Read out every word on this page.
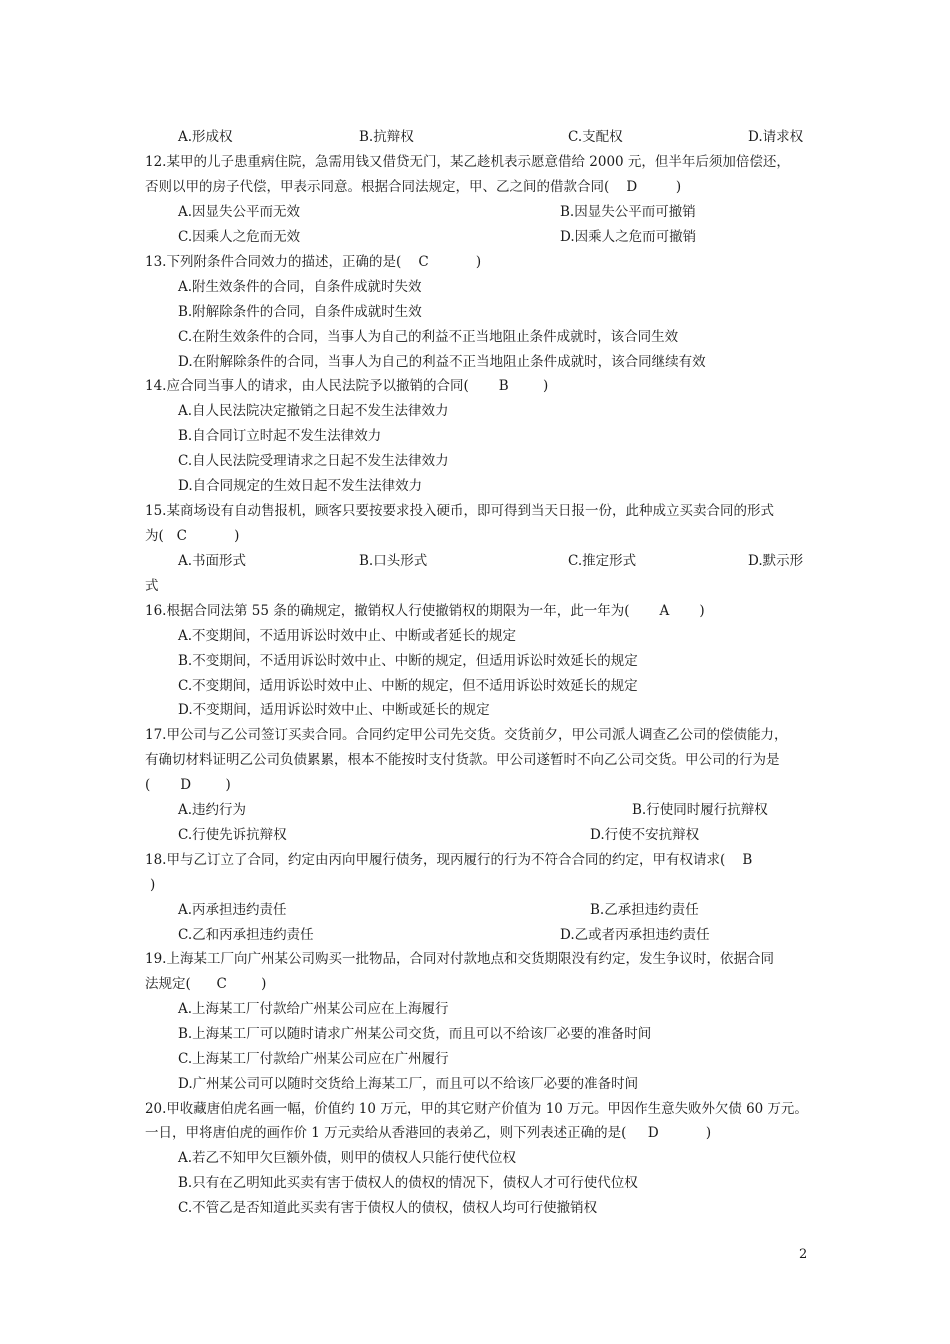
A.形成权	B.抗辩权	C.支配权	D.请求权
12.某甲的儿子患重病住院，急需用钱又借贷无门，某乙趁机表示愿意借给 2000 元，但半年后须加倍偿还，
否则以甲的房子代偿，甲表示同意。根据合同法规定，甲、乙之间的借款合同(    D         )
A.因显失公平而无效	B.因显失公平而可撤销
C.因乘人之危而无效	D.因乘人之危而可撤销
13.下列附条件合同效力的描述，正确的是(    C           )
A.附生效条件的合同，自条件成就时失效
B.附解除条件的合同，自条件成就时生效
C.在附生效条件的合同，当事人为自己的利益不正当地阻止条件成就时，该合同生效
D.在附解除条件的合同，当事人为自己的利益不正当地阻止条件成就时，该合同继续有效
14.应合同当事人的请求，由人民法院予以撤销的合同(       B        )
A.自人民法院决定撤销之日起不发生法律效力
B.自合同订立时起不发生法律效力
C.自人民法院受理请求之日起不发生法律效力
D.自合同规定的生效日起不发生法律效力
15.某商场设有自动售报机，顾客只要按要求投入硬币，即可得到当天日报一份，此种成立买卖合同的形式
为(   C           )
A.书面形式	B.口头形式	C.推定形式	D.默示形
式
16.根据合同法第 55 条的确规定，撤销权人行使撤销权的期限为一年，此一年为(       A       )
A.不变期间，不适用诉讼时效中止、中断或者延长的规定
B.不变期间，不适用诉讼时效中止、中断的规定，但适用诉讼时效延长的规定
C.不变期间，适用诉讼时效中止、中断的规定，但不适用诉讼时效延长的规定
D.不变期间，适用诉讼时效中止、中断或延长的规定
17.甲公司与乙公司签订买卖合同。合同约定甲公司先交货。交货前夕，甲公司派人调查乙公司的偿债能力，
有确切材料证明乙公司负债累累，根本不能按时支付货款。甲公司遂暂时不向乙公司交货。甲公司的行为是
(       D        )
A.违约行为	B.行使同时履行抗辩权
C.行使先诉抗辩权	D.行使不安抗辩权
18.甲与乙订立了合同，约定由丙向甲履行债务，现丙履行的行为不符合合同的约定，甲有权请求(    B
)
A.丙承担违约责任	B.乙承担违约责任
C.乙和丙承担违约责任	D.乙或者丙承担违约责任
19.上海某工厂向广州某公司购买一批物品，合同对付款地点和交货期限没有约定，发生争议时，依据合同
法规定(      C        )
A.上海某工厂付款给广州某公司应在上海履行
B.上海某工厂可以随时请求广州某公司交货，而且可以不给该厂必要的准备时间
C.上海某工厂付款给广州某公司应在广州履行
D.广州某公司可以随时交货给上海某工厂，而且可以不给该厂必要的准备时间
20.甲收藏唐伯虎名画一幅，价值约 10 万元，甲的其它财产价值为 10 万元。甲因作生意失败外欠债 60 万元。
一日，甲将唐伯虎的画作价 1 万元卖给从香港回的表弟乙，则下列表述正确的是(     D           )
A.若乙不知甲欠巨额外债，则甲的债权人只能行使代位权
B.只有在乙明知此买卖有害于债权人的债权的情况下，债权人才可行使代位权
C.不管乙是否知道此买卖有害于债权人的债权，债权人均可行使撤销权
2
